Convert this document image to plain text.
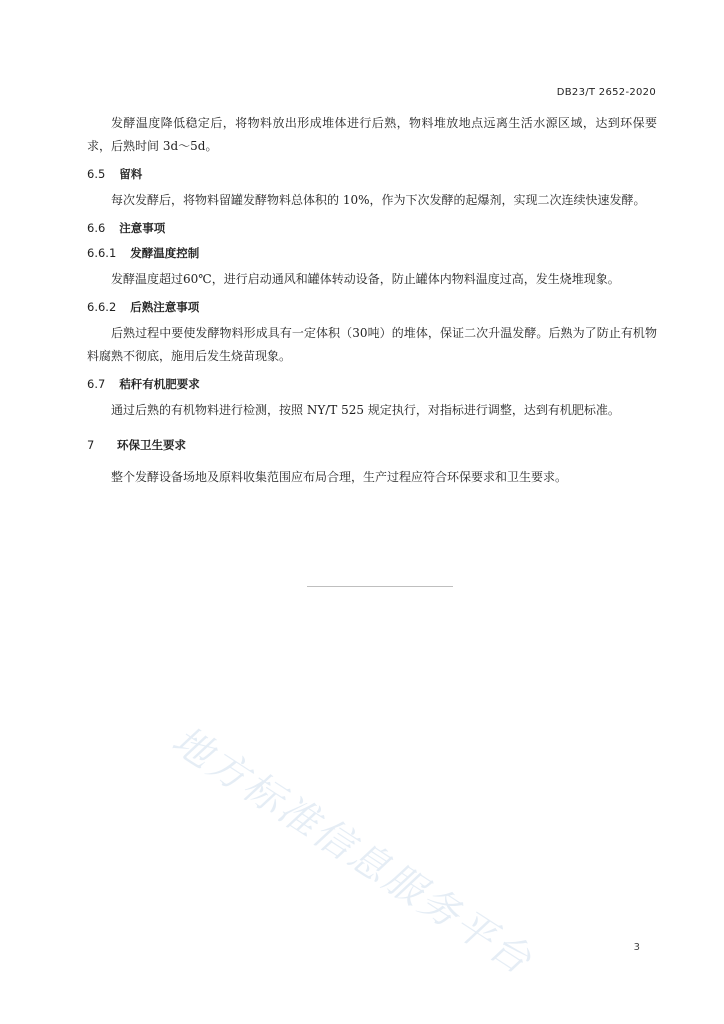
DB23/T 2652-2020

发酵温度降低稳定后，将物料放出形成堆体进行后熟，物料堆放地点远离生活水源区域，达到环保要求，后熟时间 3d～5d。

6.5 留料

每次发酵后，将物料留罐发酵物料总体积的 10%，作为下次发酵的起爆剂，实现二次连续快速发酵。

6.6 注意事项
6.6.1 发酵温度控制

发酵温度超过60℃，进行启动通风和罐体转动设备，防止罐体内物料温度过高，发生烧堆现象。

6.6.2 后熟注意事项

后熟过程中要使发酵物料形成具有一定体积（30吨）的堆体，保证二次升温发酵。后熟为了防止有机物料腐熟不彻底，施用后发生烧苗现象。

6.7 秸秆有机肥要求

通过后熟的有机物料进行检测，按照 NY/T 525 规定执行，对指标进行调整，达到有机肥标准。

7	环保卫生要求

整个发酵设备场地及原料收集范围应布局合理，生产过程应符合环保要求和卫生要求。

地方标准信息服务平台	3
